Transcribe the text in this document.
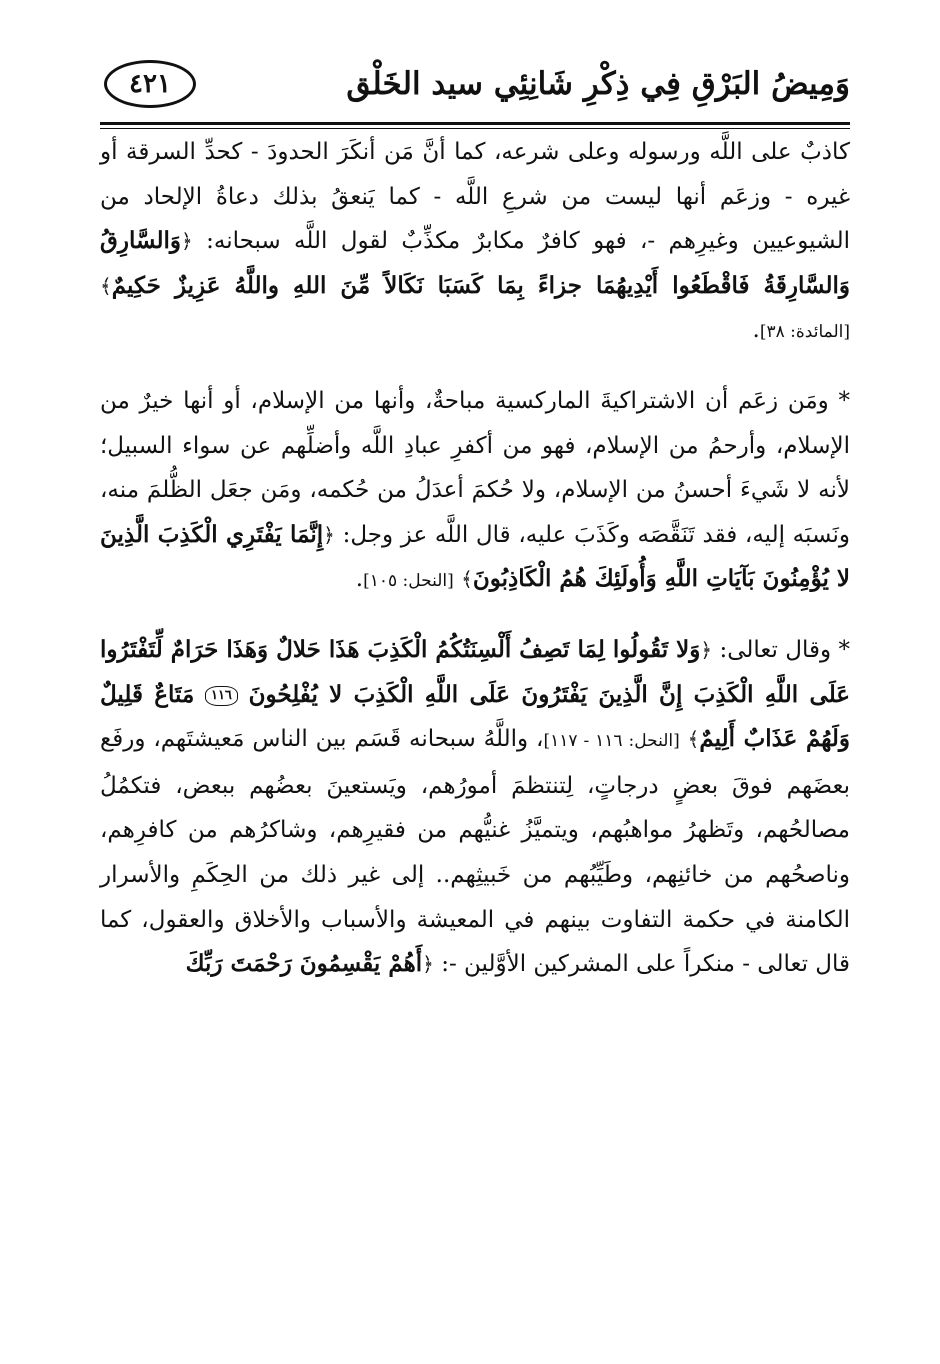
وَمِيضُ البَرْقِ فِي ذِكْرِ شَانِئِي سيد الخَلْق
٤٢١

كاذبٌ على اللَّه ورسوله وعلى شرعه، كما أنَّ مَن أنكَرَ الحدودَ - كحدِّ السرقة أو غيره - وزعَم أنها ليست من شرعِ اللَّه - كما يَنعقُ بذلك دعاةُ الإلحاد من الشيوعيين وغيرِهم -، فهو كافرٌ مكابرٌ مكذِّبٌ لقول اللَّه سبحانه: ﴿وَالسَّارِقُ وَالسَّارِقَةُ فَاقْطَعُوا أَيْدِيهُمَا جزاءً بِمَا كَسَبَا نَكَالاً مِّنَ اللهِ واللَّهُ عَزِيزٌ حَكِيمٌ﴾ [المائدة: ٣٨].

* ومَن زعَم أن الاشتراكيةَ الماركسية مباحةٌ، وأنها من الإسلام، أو أنها خيرٌ من الإسلام، وأرحمُ من الإسلام، فهو من أكفرِ عبادِ اللَّه وأضلِّهم عن سواء السبيل؛ لأنه لا شَيءَ أحسنُ من الإسلام، ولا حُكمَ أعدَلُ من حُكمه، ومَن جعَل الظُّلمَ منه، ونَسبَه إليه، فقد تَنَقَّصَه وكَذَبَ عليه، قال اللَّه عز وجل: ﴿إِنَّمَا يَفْتَرِي الْكَذِبَ الَّذِينَ لا يُؤْمِنُونَ بَآيَاتِ اللَّهِ وَأُولَئِكَ هُمُ الْكَاذِبُونَ﴾ [النحل: ١٠٥].

* وقال تعالى: ﴿وَلا تَقُولُوا لِمَا تَصِفُ أَلْسِنَتُكُمُ الْكَذِبَ هَذَا حَلالٌ وَهَذَا حَرَامٌ لِّتَفْتَرُوا عَلَى اللَّهِ الْكَذِبَ إِنَّ الَّذِينَ يَفْتَرُونَ عَلَى اللَّهِ الْكَذِبَ لا يُفْلِحُونَ ١١٦ مَتَاعٌ قَلِيلٌ وَلَهُمْ عَذَابٌ أَلِيمٌ﴾ [النحل: ١١٦ - ١١٧]، واللَّهُ سبحانه قَسَم بين الناس مَعيشتَهم، ورفَع بعضَهم فوقَ بعضٍ درجاتٍ، لِتنتظمَ أمورُهم، ويَستعينَ بعضُهم ببعض، فتكمُلُ مصالحُهم، وتَظهرُ مواهبُهم، ويتميَّزُ غنيُّهم من فقيرِهم، وشاكرُهم من كافرِهم، وناصحُهم من خائنِهم، وطَيِّبُهم من خَبيثِهم.. إلى غير ذلك من الحِكَمِ والأسرار الكامنة في حكمة التفاوت بينهم في المعيشة والأسباب والأخلاق والعقول، كما قال تعالى - منكراً على المشركين الأوَّلين -: ﴿أَهُمْ يَقْسِمُونَ رَحْمَتَ رَبِّكَ
